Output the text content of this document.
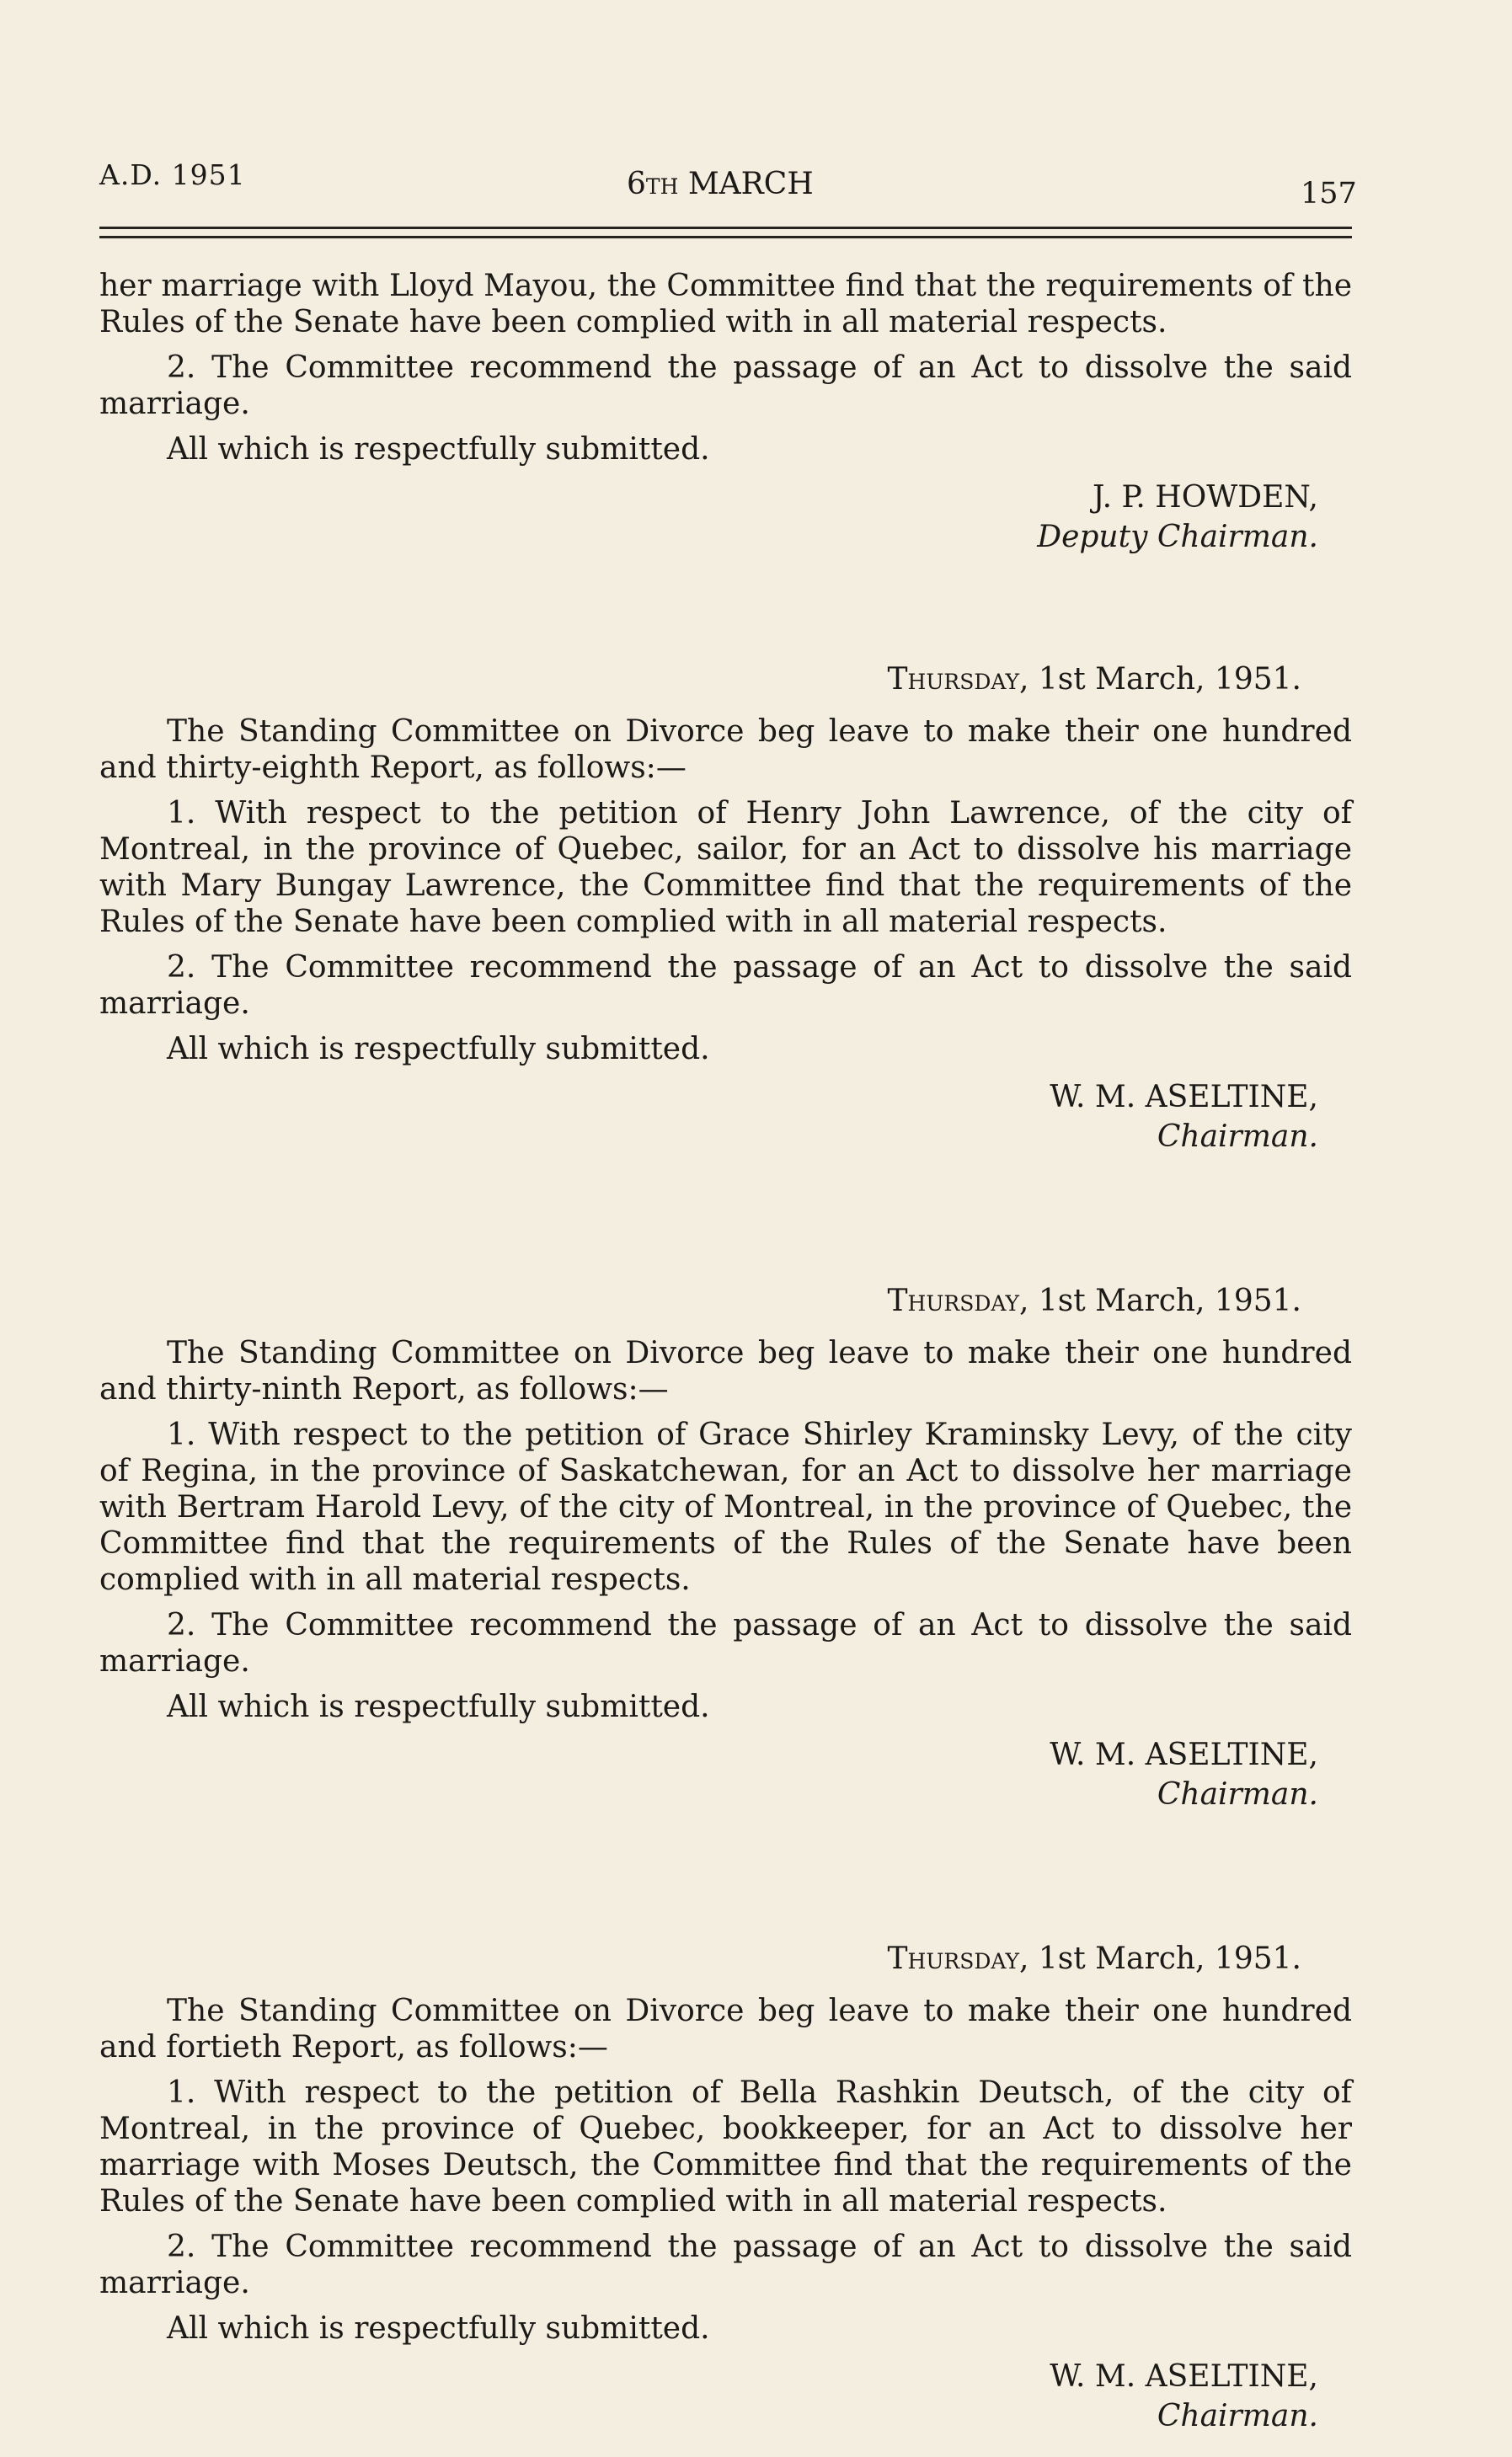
A.D. 1951	6th MARCH	157

her marriage with Lloyd Mayou, the Committee find that the requirements of the Rules of the Senate have been complied with in all material respects.

2. The Committee recommend the passage of an Act to dissolve the said marriage.

All which is respectfully submitted.

J. P. HOWDEN,
Deputy Chairman.
Thursday, 1st March, 1951.

The Standing Committee on Divorce beg leave to make their one hundred and thirty-eighth Report, as follows:—

1. With respect to the petition of Henry John Lawrence, of the city of Montreal, in the province of Quebec, sailor, for an Act to dissolve his marriage with Mary Bungay Lawrence, the Committee find that the requirements of the Rules of the Senate have been complied with in all material respects.

2. The Committee recommend the passage of an Act to dissolve the said marriage.

All which is respectfully submitted.

W. M. ASELTINE,
Chairman.
Thursday, 1st March, 1951.

The Standing Committee on Divorce beg leave to make their one hundred and thirty-ninth Report, as follows:—

1. With respect to the petition of Grace Shirley Kraminsky Levy, of the city of Regina, in the province of Saskatchewan, for an Act to dissolve her marriage with Bertram Harold Levy, of the city of Montreal, in the province of Quebec, the Committee find that the requirements of the Rules of the Senate have been complied with in all material respects.

2. The Committee recommend the passage of an Act to dissolve the said marriage.

All which is respectfully submitted.

W. M. ASELTINE,
Chairman.
Thursday, 1st March, 1951.

The Standing Committee on Divorce beg leave to make their one hundred and fortieth Report, as follows:—

1. With respect to the petition of Bella Rashkin Deutsch, of the city of Montreal, in the province of Quebec, bookkeeper, for an Act to dissolve her marriage with Moses Deutsch, the Committee find that the requirements of the Rules of the Senate have been complied with in all material respects.

2. The Committee recommend the passage of an Act to dissolve the said marriage.

All which is respectfully submitted.

W. M. ASELTINE,
Chairman.
